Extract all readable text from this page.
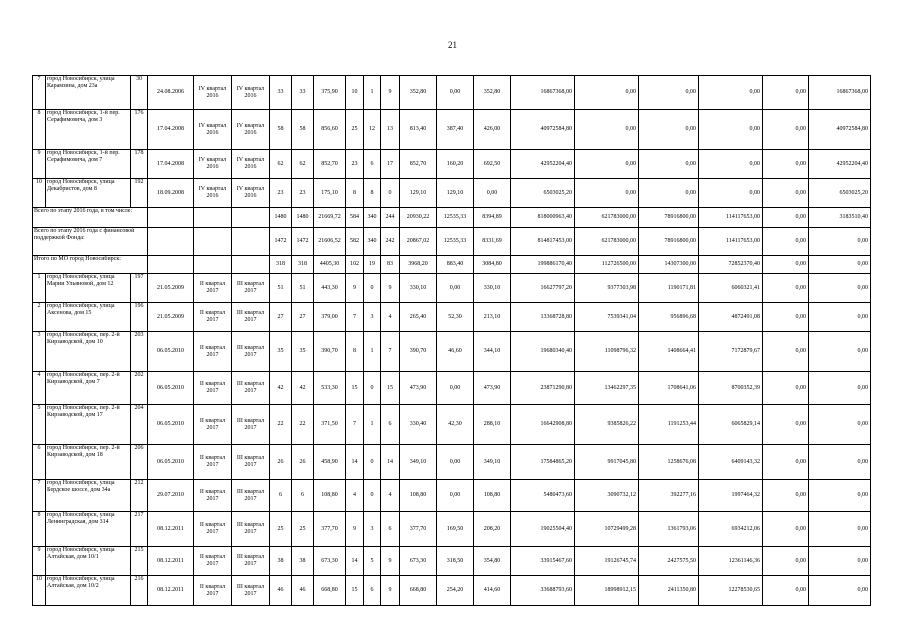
21
7	город Новосибирск, улица Карамзина, дом 23а	30	24.08.2006	IV квартал 2016	IV квартал 2016	33	33	375,90	10	1	9	352,80	0,00	352,80	16867368,00	0,00	0,00	0,00	0,00	16867368,00
8	город Новосибирск, 1-й пер. Серафимовича, дом 3	176	17.04.2008	IV квартал 2016	IV квартал 2016	58	58	856,60	25	12	13	813,40	387,40	426,00	40972584,80	0,00	0,00	0,00	0,00	40972584,80
9	город Новосибирск, 1-й пер. Серафимовича, дом 7	178	17.04.2008	IV квартал 2016	IV квартал 2016	62	62	852,70	23	6	17	852,70	160,20	692,50	42952204,40	0,00	0,00	0,00	0,00	42952204,40
10	город Новосибирск, улица Декабристов, дом 8	192	18.09.2008	IV квартал 2016	IV квартал 2016	23	23	175,10	8	8	0	129,10	129,10	0,00	6503025,20	0,00	0,00	0,00	0,00	6503025,20
Всего по этапу 2016 года, в том числе:						1480	1480	21669,72	584	340	244	20930,22	12535,33	8394,89	818000963,40	621783000,00	78916800,00	114117653,00	0,00	3183510,40
Всего по этапу 2016 года с финансовой поддержкой Фонда:						1472	1472	21606,52	582	340	242	20867,02	12535,33	8331,69	814817453,00	621783000,00	78916800,00	114117653,00	0,00	0,00
Итого по МО город Новосибирск:						318	318	4405,30	102	19	83	3968,20	883,40	3084,80	199886170,40	112726500,00	14307300,00	72852370,40	0,00	0,00
1	город Новосибирск, улица Марии Ульяновой, дом 12	197	21.05.2009	II квартал 2017	III квартал 2017	51	51	443,30	9	0	9	330,10	0,00	330,10	16627797,20	9377303,98	1190171,81	6060321,41	0,00	0,00
2	город Новосибирск, улица Аксенова, дом 15	196	21.05.2009	II квартал 2017	III квартал 2017	27	27	379,00	7	3	4	265,40	52,30	213,10	13368728,80	7539341,04	956896,68	4872491,08	0,00	0,00
3	город Новосибирск, пер. 2-й Кирзаводской, дом 10	203	06.05.2010	II квартал 2017	III квартал 2017	35	35	390,70	8	1	7	390,70	46,60	344,10	19680340,40	11098796,32	1408664,41	7172879,67	0,00	0,00
4	город Новосибирск, пер. 2-й Кирзаводской, дом 7	202	06.05.2010	II квартал 2017	III квартал 2017	42	42	533,30	15	0	15	473,90	0,00	473,90	23871290,80	13462297,35	1708641,06	8700352,39	0,00	0,00
5	город Новосибирск, пер. 2-й Кирзаводской, дом 17	204	06.05.2010	II квартал 2017	III квартал 2017	22	22	371,50	7	1	6	330,40	42,30	288,10	16642908,80	9385826,22	1191253,44	6065829,14	0,00	0,00
6	город Новосибирск, пер. 2-й Кирзаводской, дом 18	206	06.05.2010	II квартал 2017	III квартал 2017	26	26	458,90	14	0	14	349,10	0,00	349,10	17584865,20	9917045,80	1258676,08	6409143,32	0,00	0,00
7	город Новосибирск, улица Бердское шоссе, дом 34а	212	29.07.2010	II квартал 2017	III квартал 2017	6	6	108,80	4	0	4	108,80	0,00	108,80	5480473,60	3090732,12	392277,16	1997464,32	0,00	0,00
8	город Новосибирск, улица Ленинградская, дом 314	217	08.12.2011	II квартал 2017	III квартал 2017	25	25	377,70	9	3	6	377,70	169,50	208,20	19025504,40	10729499,28	1361793,06	6934212,06	0,00	0,00
9	город Новосибирск, улица Алтайская, дом 10/1	215	08.12.2011	II квартал 2017	III квартал 2017	38	38	673,30	14	5	9	673,30	318,50	354,80	33915467,60	19126745,74	2427575,50	12361146,36	0,00	0,00
10	город Новосибирск, улица Алтайская, дом 10/2	216	08.12.2011	II квартал 2017	III квартал 2017	46	46	668,80	15	6	9	668,80	254,20	414,60	33688793,60	18998912,15	2411350,80	12278530,65	0,00	0,00
